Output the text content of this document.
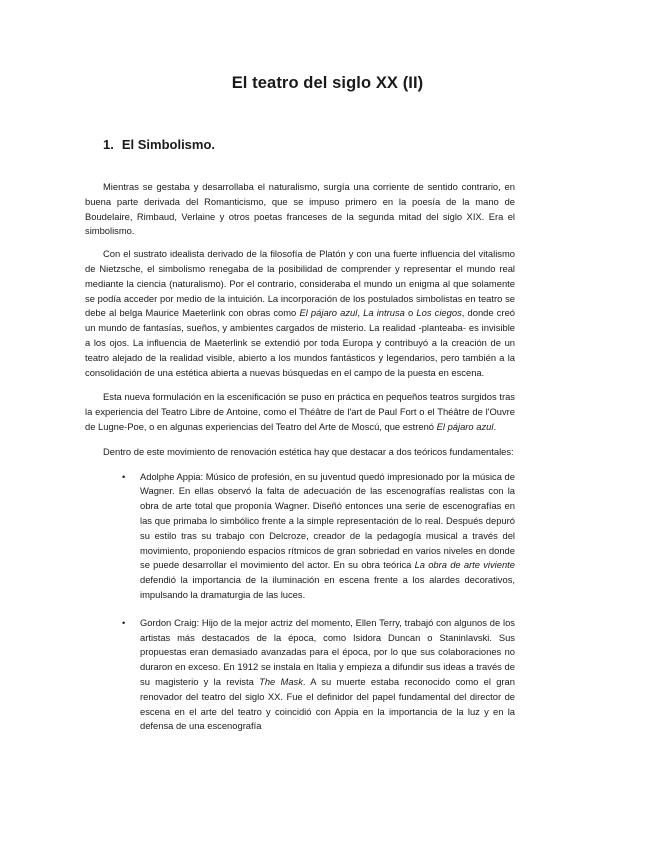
El teatro del siglo XX (II)
1. El Simbolismo.

Mientras se gestaba y desarrollaba el naturalismo, surgía una corriente de sentido contrario, en buena parte derivada del Romanticismo, que se impuso primero en la poesía de la mano de Boudelaire, Rimbaud, Verlaine y otros poetas franceses de la segunda mitad del siglo XIX. Era el simbolismo.

Con el sustrato idealista derivado de la filosofía de Platón y con una fuerte influencia del vitalismo de Nietzsche, el simbolismo renegaba de la posibilidad de comprender y representar el mundo real mediante la ciencia (naturalismo). Por el contrario, consideraba el mundo un enigma al que solamente se podía acceder por medio de la intuición. La incorporación de los postulados simbolistas en teatro se debe al belga Maurice Maeterlink con obras como El pájaro azul, La intrusa o Los ciegos, donde creó un mundo de fantasías, sueños, y ambientes cargados de misterio. La realidad -planteaba- es invisible a los ojos. La influencia de Maeterlink se extendió por toda Europa y contribuyó a la creación de un teatro alejado de la realidad visible, abierto a los mundos fantásticos y legendarios, pero también a la consolidación de una estética abierta a nuevas búsquedas en el campo de la puesta en escena.

Esta nueva formulación en la escenificación se puso en práctica en pequeños teatros surgidos tras la experiencia del Teatro Libre de Antoine, como el Théâtre de l'art de Paul Fort o el Théâtre de l'Ouvre de Lugne-Poe, o en algunas experiencias del Teatro del Arte de Moscú, que estrenó El pájaro azul.

Dentro de este movimiento de renovación estética hay que destacar a dos teóricos fundamentales:

• Adolphe Appia: Músico de profesión, en su juventud quedó impresionado por la música de Wagner. En ellas observó la falta de adecuación de las escenografías realistas con la obra de arte total que proponía Wagner. Diseñó entonces una serie de escenografías en las que primaba lo simbólico frente a la simple representación de lo real. Después depuró su estilo tras su trabajo con Delcroze, creador de la pedagogía musical a través del movimiento, proponiendo espacios rítmicos de gran sobriedad en varios niveles en donde se puede desarrollar el movimiento del actor. En su obra teórica La obra de arte viviente defendió la importancia de la iluminación en escena frente a los alardes decorativos, impulsando la dramaturgia de las luces.
• Gordon Craig: Hijo de la mejor actriz del momento, Ellen Terry, trabajó con algunos de los artistas más destacados de la época, como Isidora Duncan o Staninlavski. Sus propuestas eran demasiado avanzadas para el época, por lo que sus colaboraciones no duraron en exceso. En 1912 se instala en Italia y empieza a difundir sus ideas a través de su magisterio y la revista The Mask. A su muerte estaba reconocido como el gran renovador del teatro del siglo XX. Fue el definidor del papel fundamental del director de escena en el arte del teatro y coincidió con Appia en la importancia de la luz y en la defensa de una escenografía
